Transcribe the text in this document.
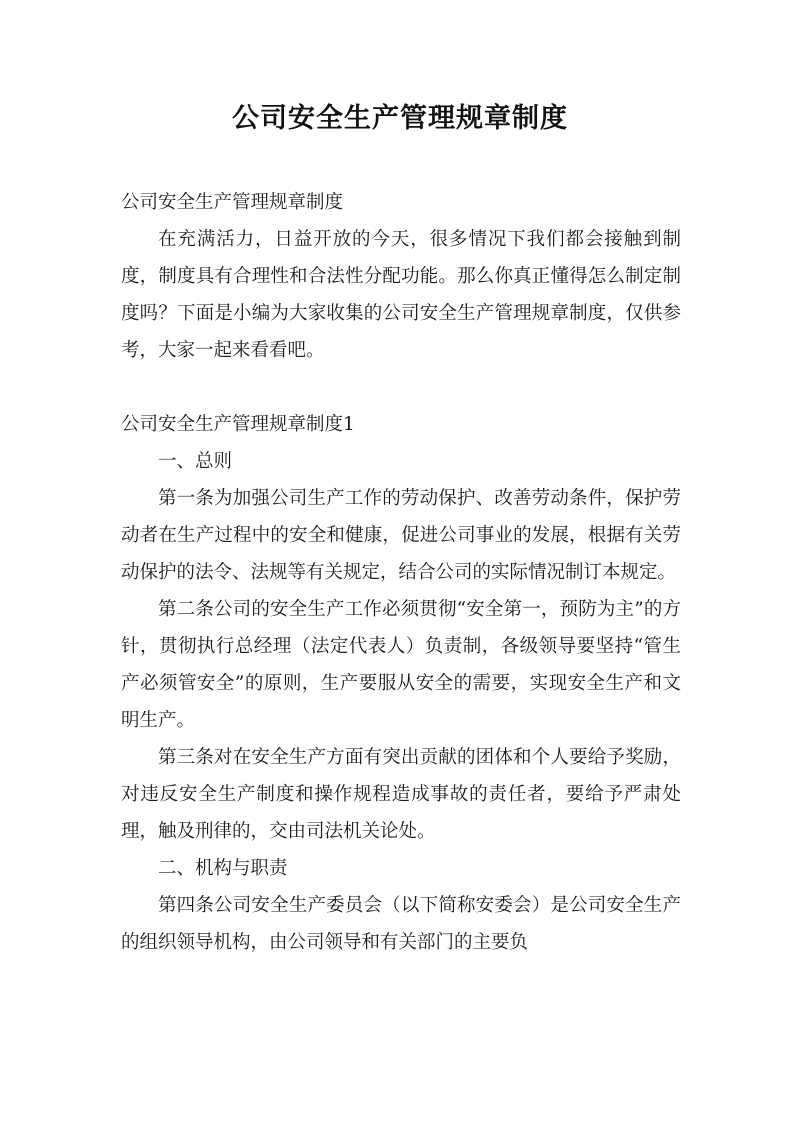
公司安全生产管理规章制度

公司安全生产管理规章制度

在充满活力，日益开放的今天，很多情况下我们都会接触到制度，制度具有合理性和合法性分配功能。那么你真正懂得怎么制定制度吗？下面是小编为大家收集的公司安全生产管理规章制度，仅供参考，大家一起来看看吧。

公司安全生产管理规章制度1

一、总则

第一条为加强公司生产工作的劳动保护、改善劳动条件，保护劳动者在生产过程中的安全和健康，促进公司事业的发展，根据有关劳动保护的法令、法规等有关规定，结合公司的实际情况制订本规定。

第二条公司的安全生产工作必须贯彻“安全第一，预防为主”的方针，贯彻执行总经理（法定代表人）负责制，各级领导要坚持“管生产必须管安全”的原则，生产要服从安全的需要，实现安全生产和文明生产。

第三条对在安全生产方面有突出贡献的团体和个人要给予奖励，对违反安全生产制度和操作规程造成事故的责任者，要给予严肃处理，触及刑律的，交由司法机关论处。

二、机构与职责

第四条公司安全生产委员会（以下简称安委会）是公司安全生产的组织领导机构，由公司领导和有关部门的主要负
